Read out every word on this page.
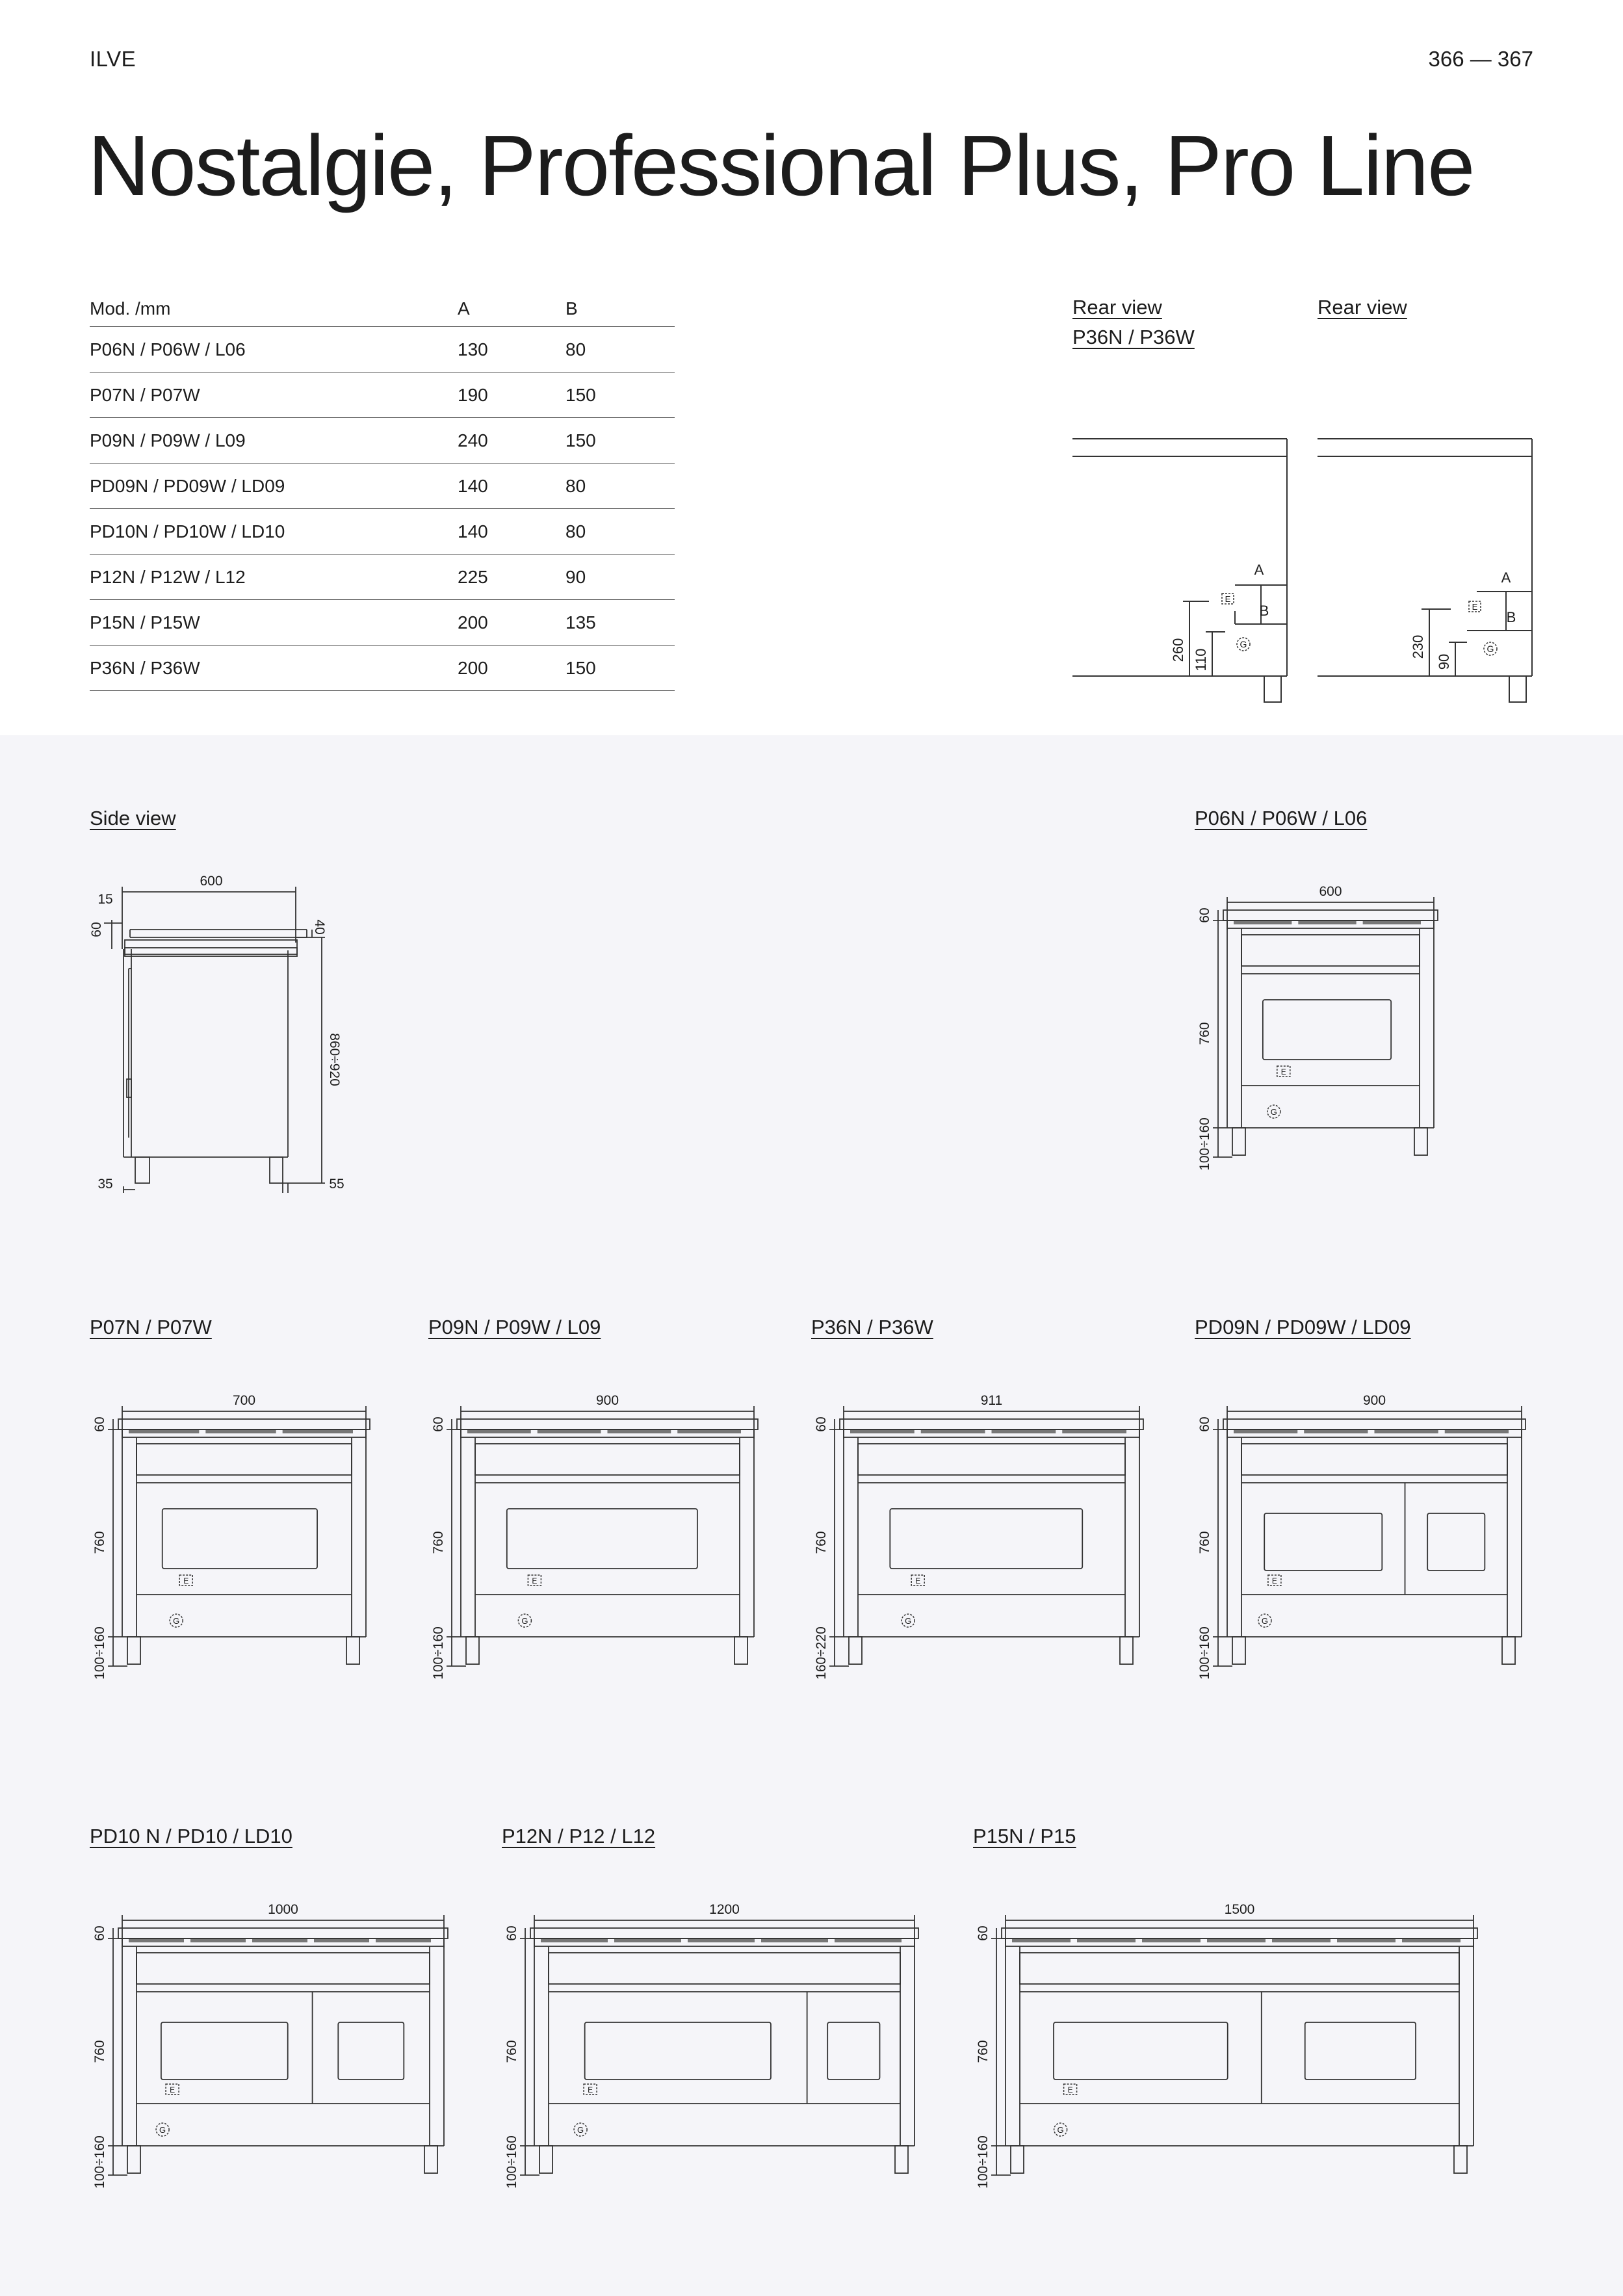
ILVE	366 — 367
Nostalgie, Professional Plus, Pro Line
Mod. /mm	A	B
P06N / P06W / L06	130	80
P07N / P07W	190	150
P09N / P09W / L09	240	150
PD09N / PD09W / LD09	140	80
PD10N / PD10W / LD10	140	80
P12N / P12W / L12	225	90
P15N / P15W	200	135
P36N / P36W	200	150
Rear view
P36N / P36W
E
G
A
B
260 110
Rear view
E
G
A
B
230
90
Side view
600
15
60	40
860÷920
35	55
P06N / P06W / L06
P07N / P07W	P09N / P09W / L09	P36N / P36W	PD09N / PD09W / LD09
PD10 N / PD10 / LD10	P12N / P12 / L12	P15N / P15
600
60
760
100÷160
E
G
700
60
760
100÷160
E
G
900
60
760
100÷160
E
G
911
60
760
160÷220
E
G
900
60
760
100÷160
E
G
1000
60
760
100÷160
E
G
1200
60
760
100÷160
E
G
1500
60
760
100÷160
E
G
